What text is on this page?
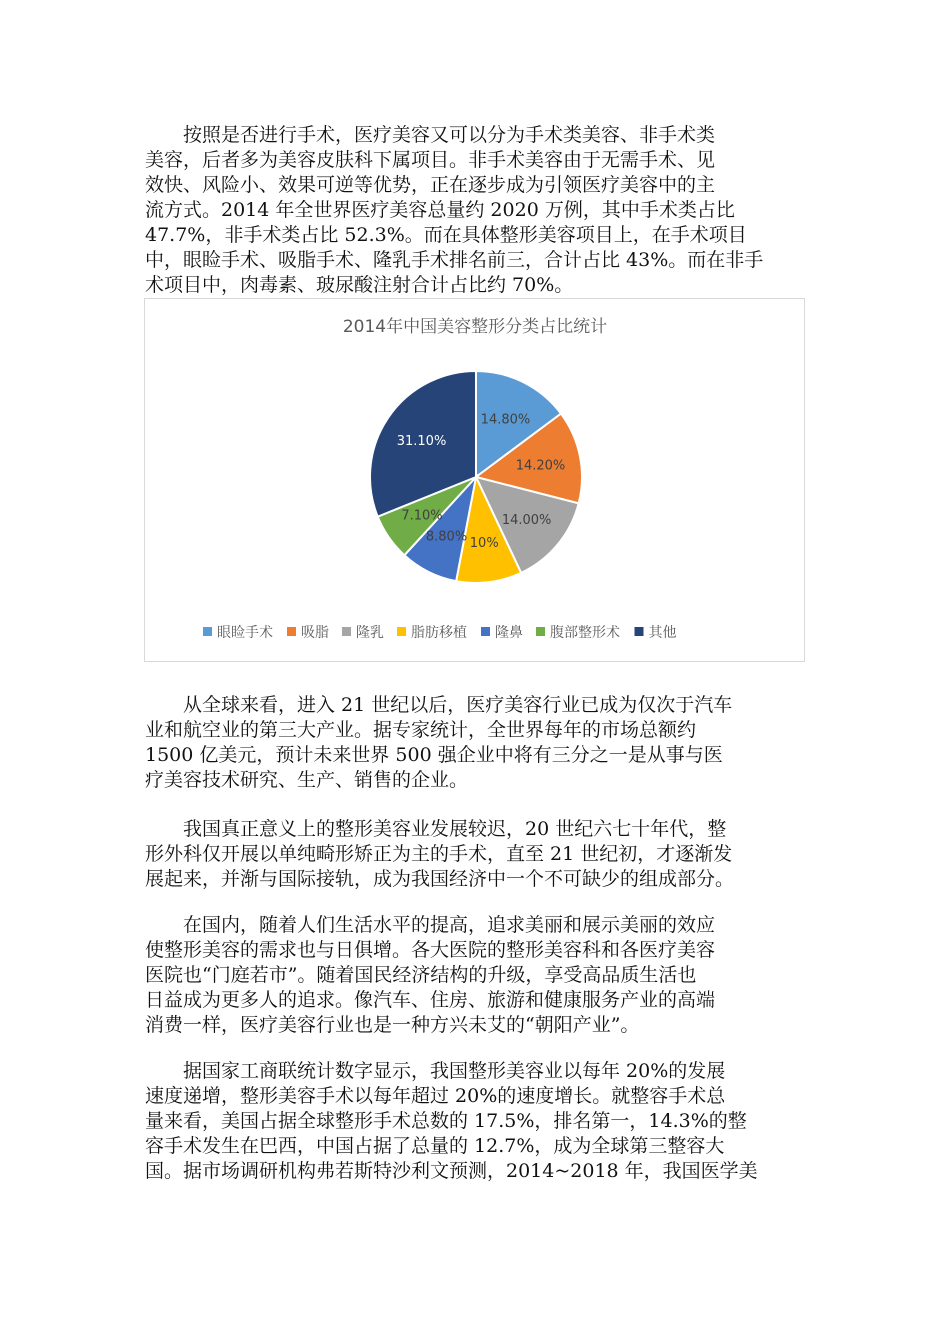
　　按照是否进行手术，医疗美容又可以分为手术类美容、非手术类
美容，后者多为美容皮肤科下属项目。非手术美容由于无需手术、见
效快、风险小、效果可逆等优势，正在逐步成为引领医疗美容中的主
流方式。2014 年全世界医疗美容总量约 2020 万例，其中手术类占比
47.7%，非手术类占比 52.3%。而在具体整形美容项目上，在手术项目
中，眼睑手术、吸脂手术、隆乳手术排名前三，合计占比 43%。而在非手
术项目中，肉毒素、玻尿酸注射合计占比约 70%。
2014年中国美容整形分类占比统计
14.80%
14.20%
14.00%
10%
8.80%
7.10%
31.10%
眼睑手术 吸脂 隆乳 脂肪移植 隆鼻 腹部整形术 其他
　　从全球来看，进入 21 世纪以后，医疗美容行业已成为仅次于汽车
业和航空业的第三大产业。据专家统计，全世界每年的市场总额约
1500 亿美元，预计未来世界 500 强企业中将有三分之一是从事与医
疗美容技术研究、生产、销售的企业。
　　我国真正意义上的整形美容业发展较迟，20 世纪六七十年代，整
形外科仅开展以单纯畸形矫正为主的手术，直至 21 世纪初，才逐渐发
展起来，并渐与国际接轨，成为我国经济中一个不可缺少的组成部分。
　　在国内，随着人们生活水平的提高，追求美丽和展示美丽的效应
使整形美容的需求也与日俱增。各大医院的整形美容科和各医疗美容
医院也“门庭若市”。随着国民经济结构的升级，享受高品质生活也
日益成为更多人的追求。像汽车、住房、旅游和健康服务产业的高端
消费一样，医疗美容行业也是一种方兴未艾的“朝阳产业”。
　　据国家工商联统计数字显示，我国整形美容业以每年 20%的发展
速度递增，整形美容手术以每年超过 20%的速度增长。就整容手术总
量来看，美国占据全球整形手术总数的 17.5%，排名第一，14.3%的整
容手术发生在巴西，中国占据了总量的 12.7%，成为全球第三整容大
国。据市场调研机构弗若斯特沙利文预测，2014~2018 年，我国医学美
